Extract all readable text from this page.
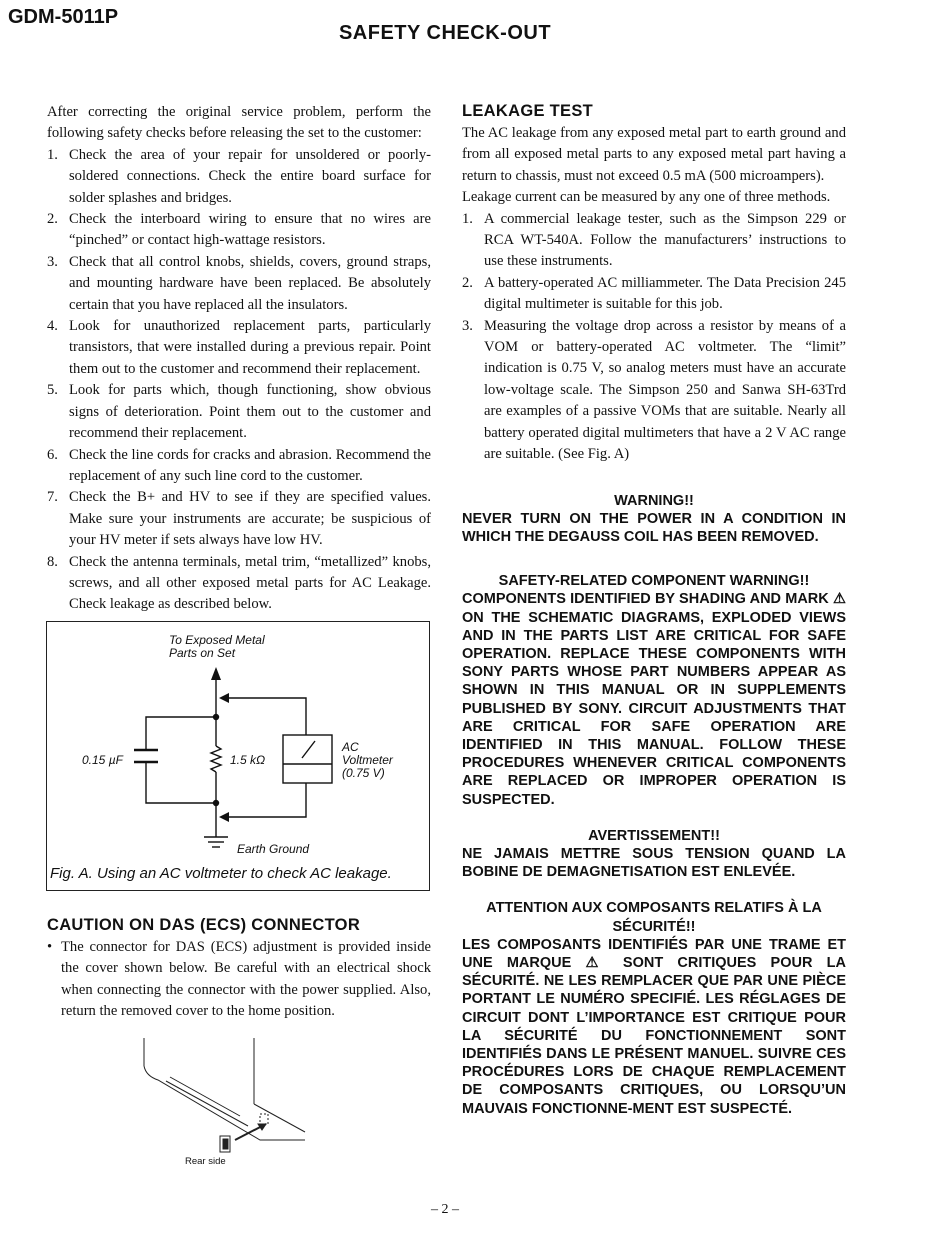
GDM-5011P
SAFETY CHECK-OUT

After correcting the original service problem, perform the following safety checks before releasing the set to the customer:

1. Check the area of your repair for unsoldered or poorly-soldered connections. Check the entire board surface for solder splashes and bridges.
2. Check the interboard wiring to ensure that no wires are “pinched” or contact high-wattage resistors.
3. Check that all control knobs, shields, covers, ground straps, and mounting hardware have been replaced. Be absolutely certain that you have replaced all the insulators.
4. Look for unauthorized replacement parts, particularly transistors, that were installed during a previous repair. Point them out to the customer and recommend their replacement.
5. Look for parts which, though functioning, show obvious signs of deterioration. Point them out to the customer and recommend their replacement.
6. Check the line cords for cracks and abrasion. Recommend the replacement of any such line cord to the customer.
7. Check the B+ and HV to see if they are specified values. Make sure your instruments are accurate; be suspicious of your HV meter if sets always have low HV.
8. Check the antenna terminals, metal trim, “metallized” knobs, screws, and all other exposed metal parts for AC Leakage. Check leakage as described below.
To Exposed Metal
Parts on Set
0.15 µF	1.5 kΩ
AC
Voltmeter
(0.75 V)
Earth Ground
Fig. A. Using an AC voltmeter to check AC leakage.
CAUTION ON DAS (ECS) CONNECTOR
• The connector for DAS (ECS) adjustment is provided inside the cover shown below. Be careful with an electrical shock when connecting the connector with the power supplied. Also, return the removed cover to the home position.
Rear side
LEAKAGE TEST

The AC leakage from any exposed metal part to earth ground and from all exposed metal parts to any exposed metal part having a return to chassis, must not exceed 0.5 mA (500 microampers).

Leakage current can be measured by any one of three methods.

1. A commercial leakage tester, such as the Simpson 229 or RCA WT-540A. Follow the manufacturers’ instructions to use these instruments.
2. A battery-operated AC milliammeter. The Data Precision 245 digital multimeter is suitable for this job.
3. Measuring the voltage drop across a resistor by means of a VOM or battery-operated AC voltmeter. The “limit” indication is 0.75 V, so analog meters must have an accurate low-voltage scale. The Simpson 250 and Sanwa SH-63Trd are examples of a passive VOMs that are suitable. Nearly all battery operated digital multimeters that have a 2 V AC range are suitable. (See Fig. A)
WARNING!!
NEVER TURN ON THE POWER IN A CONDITION IN WHICH THE DEGAUSS COIL HAS BEEN REMOVED.
SAFETY-RELATED COMPONENT WARNING!!
COMPONENTS IDENTIFIED BY SHADING AND MARK ⚠ ON THE SCHEMATIC DIAGRAMS, EXPLODED VIEWS AND IN THE PARTS LIST ARE CRITICAL FOR SAFE OPERATION. REPLACE THESE COMPONENTS WITH SONY PARTS WHOSE PART NUMBERS APPEAR AS SHOWN IN THIS MANUAL OR IN SUPPLEMENTS PUBLISHED BY SONY. CIRCUIT ADJUSTMENTS THAT ARE CRITICAL FOR SAFE OPERATION ARE IDENTIFIED IN THIS MANUAL. FOLLOW THESE PROCEDURES WHENEVER CRITICAL COMPONENTS ARE REPLACED OR IMPROPER OPERATION IS SUSPECTED.
AVERTISSEMENT!!
NE JAMAIS METTRE SOUS TENSION QUAND LA BOBINE DE DEMAGNETISATION EST ENLEVÉE.
ATTENTION AUX COMPOSANTS RELATIFS À LA SÉCURITÉ!!
LES COMPOSANTS IDENTIFIÉS PAR UNE TRAME ET UNE MARQUE ⚠ SONT CRITIQUES POUR LA SÉCURITÉ. NE LES REMPLACER QUE PAR UNE PIÈCE PORTANT LE NUMÉRO SPECIFIÉ. LES RÉGLAGES DE CIRCUIT DONT L’IMPORTANCE EST CRITIQUE POUR LA SÉCURITÉ DU FONCTIONNEMENT SONT IDENTIFIÉS DANS LE PRÉSENT MANUEL. SUIVRE CES PROCÉDURES LORS DE CHAQUE REMPLACEMENT DE COMPOSANTS CRITIQUES, OU LORSQU’UN MAUVAIS FONCTIONNE-MENT EST SUSPECTÉ.
– 2 –
